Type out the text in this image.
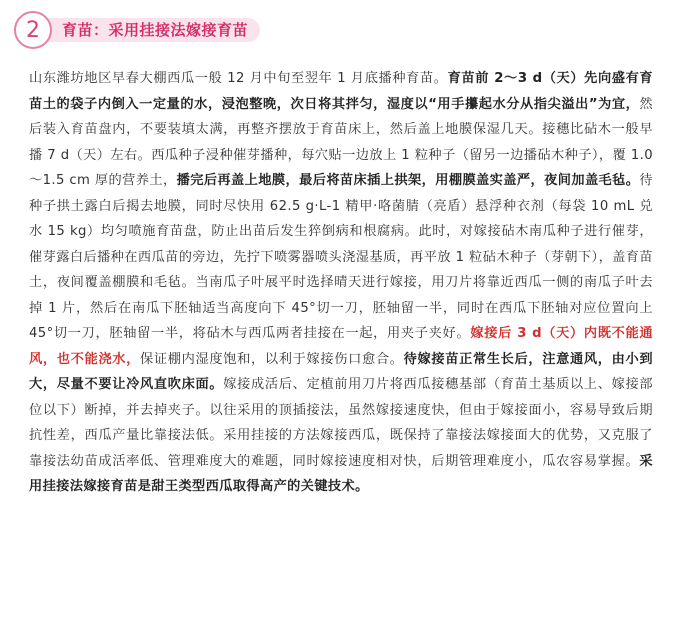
2	育苗：采用挂接法嫁接育苗
山东潍坊地区早春大棚西瓜一般 12 月中旬至翌年 1 月底播种育苗。育苗前 2～3 d（天）先向盛有育苗土的袋子内倒入一定量的水，浸泡整晚，次日将其拌匀，湿度以“用手攥起水分从指尖溢出”为宜，然后装入育苗盘内，不要装填太满，再整齐摆放于育苗床上，然后盖上地膜保湿几天。接穗比砧木一般早播 7 d（天）左右。西瓜种子浸种催芽播种，每穴贴一边放上 1 粒种子（留另一边播砧木种子），覆 1.0～1.5 cm 厚的营养土，播完后再盖上地膜，最后将苗床插上拱架，用棚膜盖实盖严，夜间加盖毛毡。待种子拱土露白后揭去地膜，同时尽快用 62.5 g·L-1 精甲·咯菌腈（亮盾）悬浮种衣剂（每袋 10 mL 兑水 15 kg）均匀喷施育苗盘，防止出苗后发生猝倒病和根腐病。此时，对嫁接砧木南瓜种子进行催芽，催芽露白后播种在西瓜苗的旁边，先拧下喷雾器喷头浇湿基质，再平放 1 粒砧木种子（芽朝下），盖育苗土，夜间覆盖棚膜和毛毡。当南瓜子叶展平时选择晴天进行嫁接，用刀片将靠近西瓜一侧的南瓜子叶去掉 1 片，然后在南瓜下胚轴适当高度向下 45°切一刀，胚轴留一半，同时在西瓜下胚轴对应位置向上 45°切一刀，胚轴留一半，将砧木与西瓜两者挂接在一起，用夹子夹好。嫁接后 3 d（天）内既不能通风，也不能浇水，保证棚内湿度饱和，以利于嫁接伤口愈合。待嫁接苗正常生长后，注意通风，由小到大，尽量不要让冷风直吹床面。嫁接成活后、定植前用刀片将西瓜接穗基部（育苗土基质以上、嫁接部位以下）断掉，并去掉夹子。以往采用的顶插接法，虽然嫁接速度快，但由于嫁接面小，容易导致后期抗性差，西瓜产量比靠接法低。采用挂接的方法嫁接西瓜，既保持了靠接法嫁接面大的优势，又克服了靠接法幼苗成活率低、管理难度大的难题，同时嫁接速度相对快，后期管理难度小，瓜农容易掌握。采用挂接法嫁接育苗是甜王类型西瓜取得高产的关键技术。
